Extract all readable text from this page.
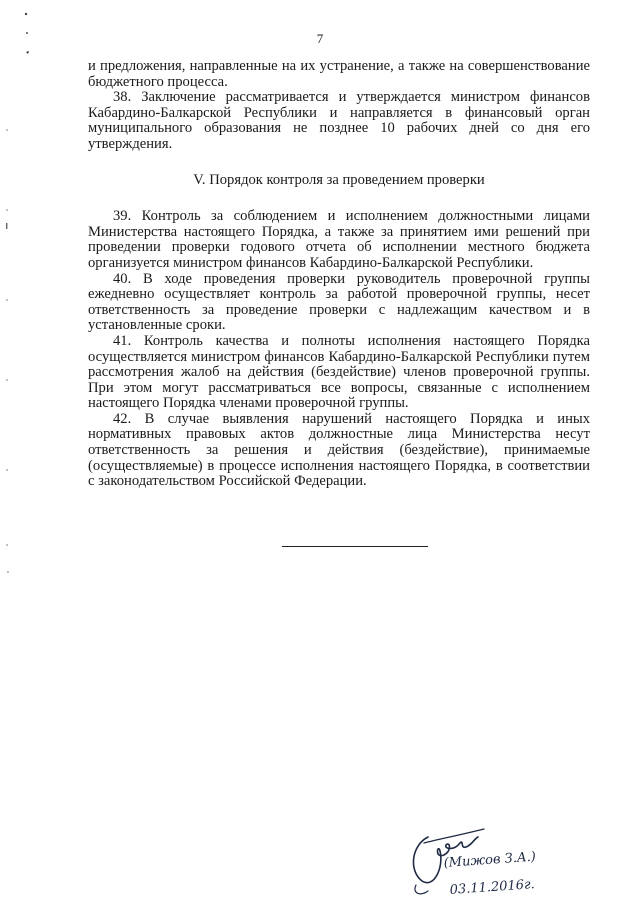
7

и предложения, направленные на их устранение, а также на совершенствование бюджетного процесса.

38. Заключение рассматривается и утверждается министром финансов Кабардино-Балкарской Республики и направляется в финансовый орган муниципального образования не позднее 10 рабочих дней со дня его утверждения.

V. Порядок контроля за проведением проверки

39. Контроль за соблюдением и исполнением должностными лицами Министерства настоящего Порядка, а также за принятием ими решений при проведении проверки годового отчета об исполнении местного бюджета организуется министром финансов Кабардино-Балкарской Республики.

40. В ходе проведения проверки руководитель проверочной группы ежедневно осуществляет контроль за работой проверочной группы, несет ответственность за проведение проверки с надлежащим качеством и в установленные сроки.

41. Контроль качества и полноты исполнения настоящего Порядка осуществляется министром финансов Кабардино-Балкарской Республики путем рассмотрения жалоб на действия (бездействие) членов проверочной группы. При этом могут рассматриваться все вопросы, связанные с исполнением настоящего Порядка членами проверочной группы.

42. В случае выявления нарушений настоящего Порядка и иных нормативных правовых актов должностные лица Министерства несут ответственность за решения и действия (бездействие), принимаемые (осуществляемые) в процессе исполнения настоящего Порядка, в соответствии с законодательством Российской Федерации.

(Мижов З.А.)
03.11.2016г.
